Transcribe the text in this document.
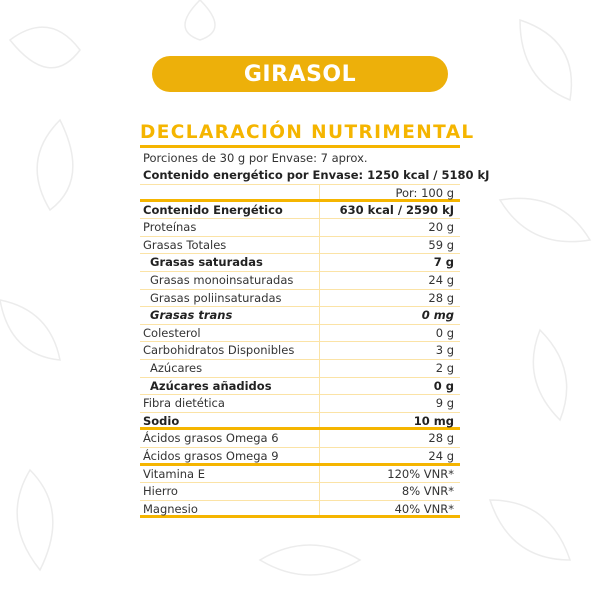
GIRASOL
DECLARACIÓN NUTRIMENTAL
Porciones de 30 g por Envase: 7 aprox.
Contenido energético por Envase: 1250 kcal / 5180 kJ
Por: 100 g
Contenido Energético	630 kcal / 2590 kJ
Proteínas	20 g
Grasas Totales	59 g
Grasas saturadas	7 g
Grasas monoinsaturadas	24 g
Grasas poliinsaturadas	28 g
Grasas trans	0 mg
Colesterol	0 g
Carbohidratos Disponibles	3 g
Azúcares	2 g
Azúcares añadidos	0 g
Fibra dietética	9 g
Sodio	10 mg
Ácidos grasos Omega 6	28 g
Ácidos grasos Omega 9	24 g
Vitamina E	120% VNR*
Hierro	8% VNR*
Magnesio	40% VNR*
